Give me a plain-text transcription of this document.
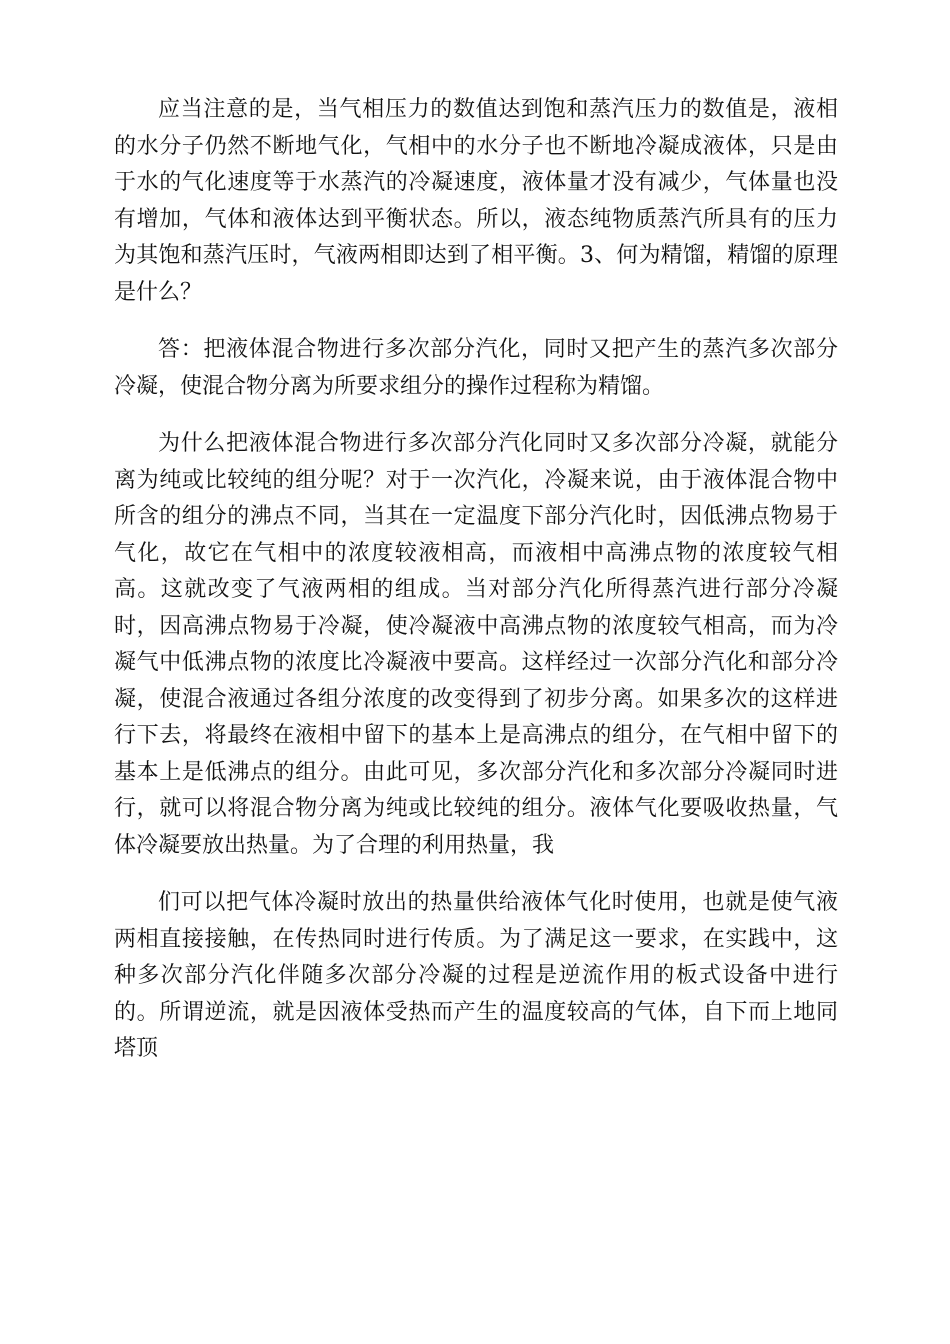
应当注意的是，当气相压力的数值达到饱和蒸汽压力的数值是，液相的水分子仍然不断地气化，气相中的水分子也不断地冷凝成液体，只是由于水的气化速度等于水蒸汽的冷凝速度，液体量才没有减少，气体量也没有增加，气体和液体达到平衡状态。所以，液态纯物质蒸汽所具有的压力为其饱和蒸汽压时，气液两相即达到了相平衡。3、何为精馏，精馏的原理是什么？

答：把液体混合物进行多次部分汽化，同时又把产生的蒸汽多次部分冷凝，使混合物分离为所要求组分的操作过程称为精馏。

为什么把液体混合物进行多次部分汽化同时又多次部分冷凝，就能分离为纯或比较纯的组分呢？对于一次汽化，冷凝来说，由于液体混合物中所含的组分的沸点不同，当其在一定温度下部分汽化时，因低沸点物易于气化，故它在气相中的浓度较液相高，而液相中高沸点物的浓度较气相高。这就改变了气液两相的组成。当对部分汽化所得蒸汽进行部分冷凝时，因高沸点物易于冷凝，使冷凝液中高沸点物的浓度较气相高，而为冷凝气中低沸点物的浓度比冷凝液中要高。这样经过一次部分汽化和部分冷凝，使混合液通过各组分浓度的改变得到了初步分离。如果多次的这样进行下去，将最终在液相中留下的基本上是高沸点的组分，在气相中留下的基本上是低沸点的组分。由此可见，多次部分汽化和多次部分冷凝同时进行，就可以将混合物分离为纯或比较纯的组分。液体气化要吸收热量，气体冷凝要放出热量。为了合理的利用热量，我

们可以把气体冷凝时放出的热量供给液体气化时使用，也就是使气液两相直接接触，在传热同时进行传质。为了满足这一要求，在实践中，这种多次部分汽化伴随多次部分冷凝的过程是逆流作用的板式设备中进行的。所谓逆流，就是因液体受热而产生的温度较高的气体，自下而上地同塔顶
